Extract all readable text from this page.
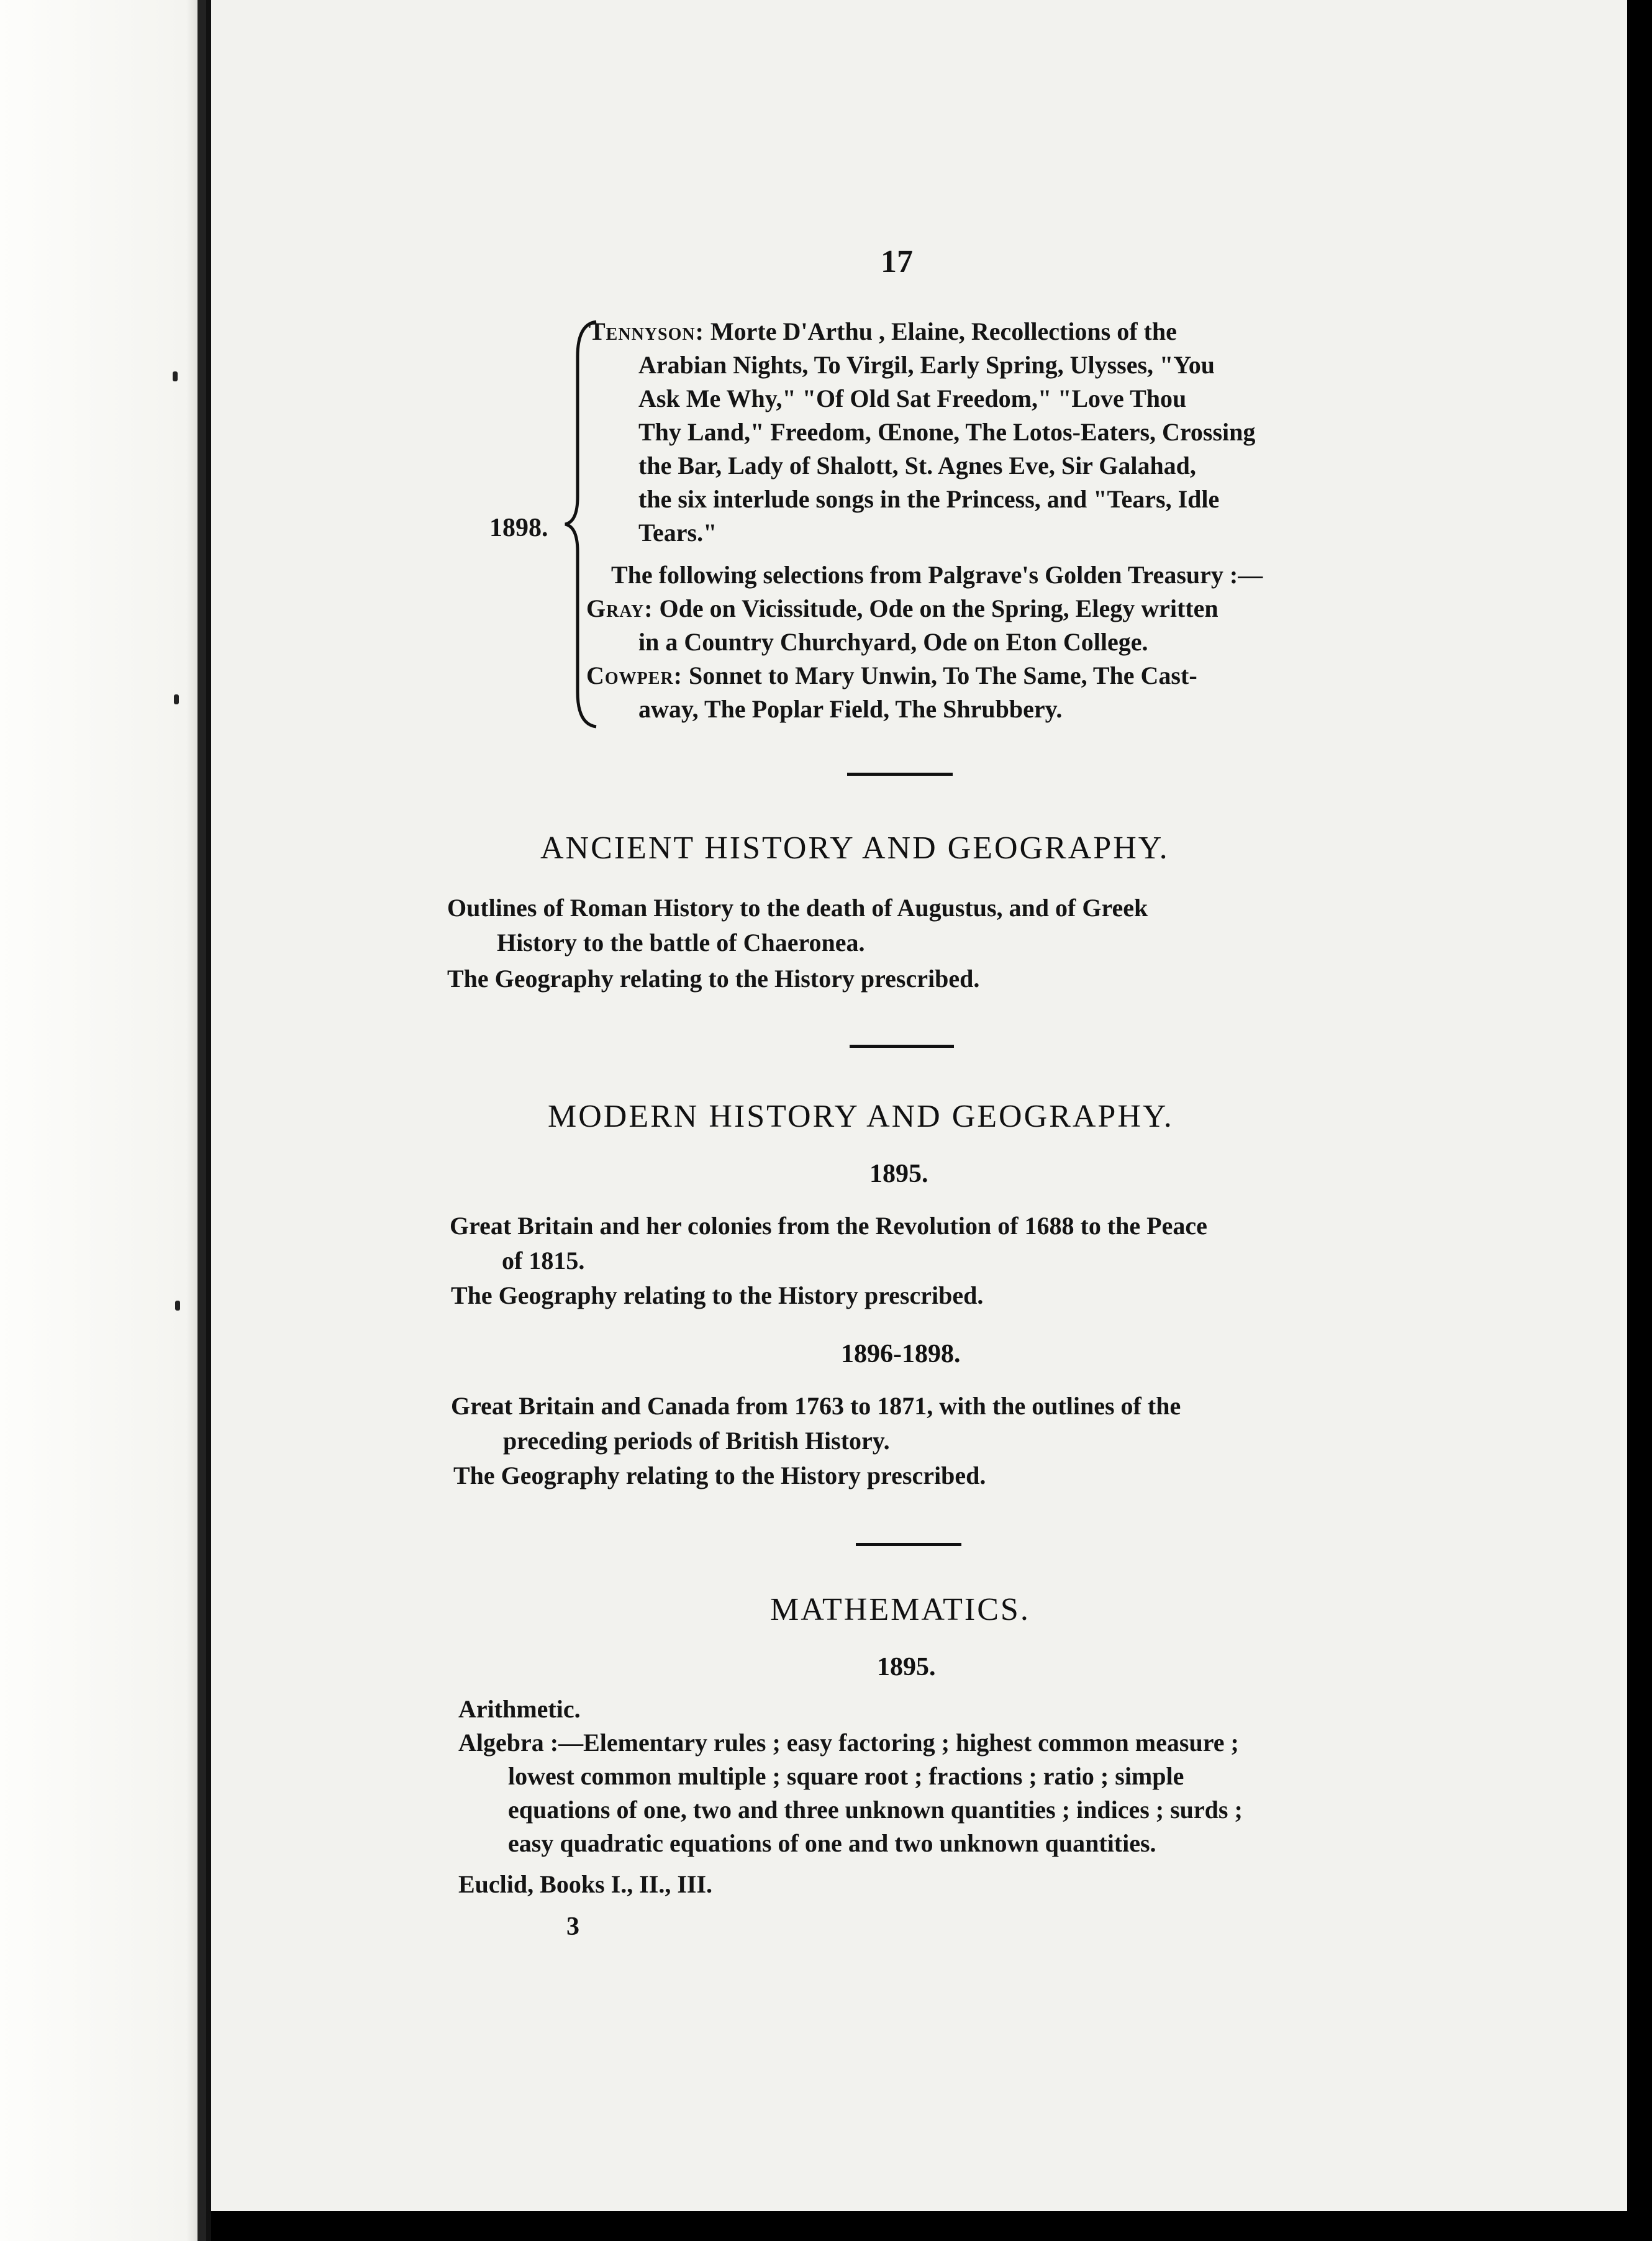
17
1898.
Tennyson: Morte D'Arthu , Elaine, Recollections of the
Arabian Nights, To Virgil, Early Spring, Ulysses, "You
Ask Me Why," "Of Old Sat Freedom," "Love Thou
Thy Land," Freedom, Œnone, The Lotos-Eaters, Crossing
the Bar, Lady of Shalott, St. Agnes Eve, Sir Galahad,
the six interlude songs in the Princess, and "Tears, Idle
Tears."
The following selections from Palgrave's Golden Treasury :—
Gray: Ode on Vicissitude, Ode on the Spring, Elegy written
in a Country Churchyard, Ode on Eton College.
Cowper: Sonnet to Mary Unwin, To The Same, The Cast-
away, The Poplar Field, The Shrubbery.
ANCIENT HISTORY AND GEOGRAPHY.
Outlines of Roman History to the death of Augustus, and of Greek
History to the battle of Chaeronea.
The Geography relating to the History prescribed.
MODERN HISTORY AND GEOGRAPHY.
1895.
Great Britain and her colonies from the Revolution of 1688 to the Peace
of 1815.
The Geography relating to the History prescribed.
1896-1898.
Great Britain and Canada from 1763 to 1871, with the outlines of the
preceding periods of British History.
The Geography relating to the History prescribed.
MATHEMATICS.
1895.
Arithmetic.
Algebra :—Elementary rules ; easy factoring ; highest common measure ;
lowest common multiple ; square root ; fractions ; ratio ; simple
equations of one, two and three unknown quantities ; indices ; surds ;
easy quadratic equations of one and two unknown quantities.
Euclid, Books I., II., III.
3
